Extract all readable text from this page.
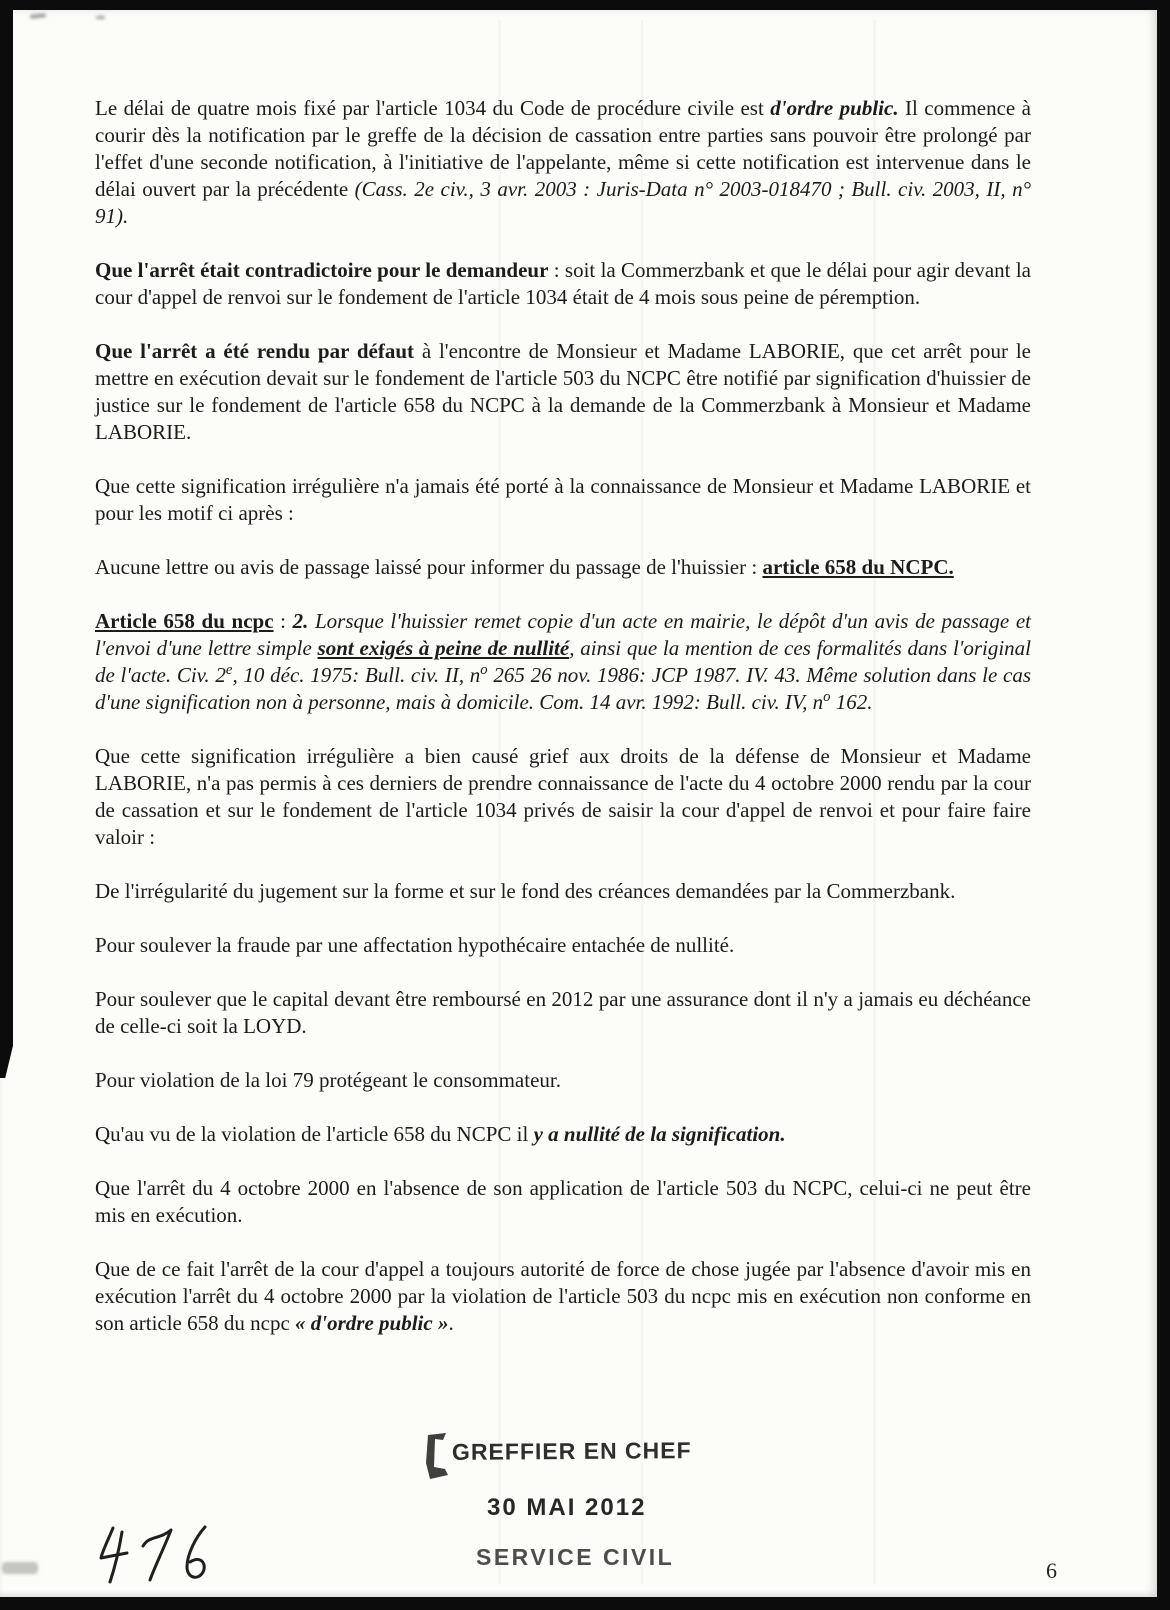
Le délai de quatre mois fixé par l'article 1034 du Code de procédure civile est d'ordre public. Il commence à courir dès la notification par le greffe de la décision de cassation entre parties sans pouvoir être prolongé par l'effet d'une seconde notification, à l'initiative de l'appelante, même si cette notification est intervenue dans le délai ouvert par la précédente (Cass. 2e civ., 3 avr. 2003 : Juris-Data n° 2003-018470 ; Bull. civ. 2003, II, n° 91).

Que l'arrêt était contradictoire pour le demandeur : soit la Commerzbank et que le délai pour agir devant la cour d'appel de renvoi sur le fondement de l'article 1034 était de 4 mois sous peine de péremption.

Que l'arrêt a été rendu par défaut à l'encontre de Monsieur et Madame LABORIE, que cet arrêt pour le mettre en exécution devait sur le fondement de l'article 503 du NCPC être notifié par signification d'huissier de justice sur le fondement de l'article 658 du NCPC à la demande de la Commerzbank à Monsieur et Madame LABORIE.

Que cette signification irrégulière n'a jamais été porté à la connaissance de Monsieur et Madame LABORIE et pour les motif ci après :

Aucune lettre ou avis de passage laissé pour informer du passage de l'huissier : article 658 du NCPC.

Article 658 du ncpc : 2. Lorsque l'huissier remet copie d'un acte en mairie, le dépôt d'un avis de passage et l'envoi d'une lettre simple sont exigés à peine de nullité, ainsi que la mention de ces formalités dans l'original de l'acte. Civ. 2e, 10 déc. 1975: Bull. civ. II, $n^o$ 265 26 nov. 1986: JCP 1987. IV. 43. Même solution dans le cas d'une signification non à personne, mais à domicile. Com. 14 avr. 1992: Bull. civ. IV, $n^o$ 162.

Que cette signification irrégulière a bien causé grief aux droits de la défense de Monsieur et Madame LABORIE, n'a pas permis à ces derniers de prendre connaissance de l'acte du 4 octobre 2000 rendu par la cour de cassation et sur le fondement de l'article 1034 privés de saisir la cour d'appel de renvoi et pour faire faire valoir :

De l'irrégularité du jugement sur la forme et sur le fond des créances demandées par la Commerzbank.

Pour soulever la fraude par une affectation hypothécaire entachée de nullité.

Pour soulever que le capital devant être remboursé en 2012 par une assurance dont il n'y a jamais eu déchéance de celle-ci soit la LOYD.

Pour violation de la loi 79 protégeant le consommateur.

Qu'au vu de la violation de l'article 658 du NCPC il y a nullité de la signification.

Que l'arrêt du 4 octobre 2000 en l'absence de son application de l'article 503 du NCPC, celui-ci ne peut être mis en exécution.

Que de ce fait l'arrêt de la cour d'appel a toujours autorité de force de chose jugée par l'absence d'avoir mis en exécution l'arrêt du 4 octobre 2000 par la violation de l'article 503 du ncpc mis en exécution non conforme en son article 658 du ncpc « d'ordre public ».

GREFFIER EN CHEF
30 MAI 2012
SERVICE CIVIL
6
